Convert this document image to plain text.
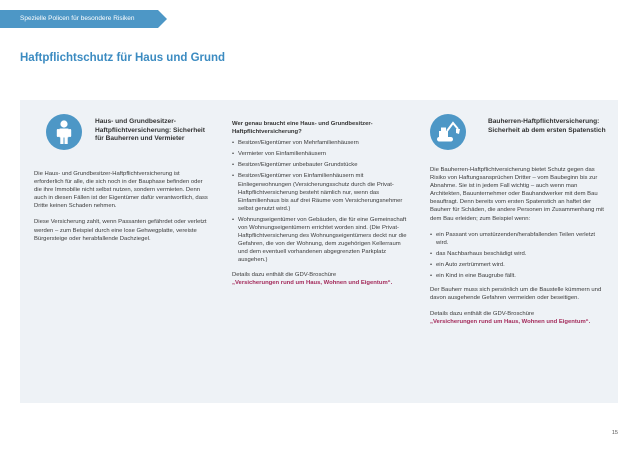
Spezielle Policen für besondere Risiken
Haftpflichtschutz für Haus und Grund
Haus- und Grundbesitzer-Haftpflichtversicherung: Sicherheit für Bauherren und Vermieter

Die Haus- und Grundbesitzer-Haftpflichtversicherung ist erforderlich für alle, die sich noch in der Bauphase befinden oder die ihre Immobilie nicht selbst nutzen, sondern vermieten. Denn auch in diesen Fällen ist der Eigentümer dafür verantwortlich, dass Dritte keinen Schaden nehmen.

Diese Versicherung zahlt, wenn Passanten gefährdet oder verletzt werden – zum Beispiel durch eine lose Gehwegplatte, vereiste Bürgersteige oder herabfallende Dachziegel.

Wer genau braucht eine Haus- und Grundbesitzer-Haftpflichtversicherung?

• Besitzer/Eigentümer von Mehrfamilienhäusern
• Vermieter von Einfamilienhäusern
• Besitzer/Eigentümer unbebauter Grundstücke
• Besitzer/Eigentümer von Einfamilienhäusern mit Einliegerwohnungen (Versicherungsschutz durch die Privat-Haftpflichtversicherung besteht nämlich nur, wenn das Einfamilienhaus bis auf drei Räume vom Versicherungsnehmer selbst genutzt wird.)
• Wohnungseigentümer von Gebäuden, die für eine Gemeinschaft von Wohnungseigentümern errichtet worden sind. (Die Privat-Haftpflichtversicherung des Wohnungseigentümers deckt nur die Gefahren, die von der Wohnung, dem zugehörigen Kellerraum und dem eventuell vorhandenen abgegrenzten Parkplatz ausgehen.)

Details dazu enthält die GDV-Broschüre

„Versicherungen rund um Haus, Wohnen und Eigentum“.

Bauherren-Haftpflichtversicherung: Sicherheit ab dem ersten Spatenstich

Die Bauherren-Haftpflichtversicherung bietet Schutz gegen das Risiko von Haftungsansprüchen Dritter – vom Baubeginn bis zur Abnahme. Sie ist in jedem Fall wichtig – auch wenn man Architekten, Bauunternehmer oder Bauhandwerker mit dem Bau beauftragt. Denn bereits vom ersten Spatenstich an haftet der Bauherr für Schäden, die andere Personen im Zusammenhang mit dem Bau erleiden; zum Beispiel wenn:

• ein Passant von umstürzenden/herabfallenden Teilen verletzt wird.
• das Nachbarhaus beschädigt wird.
• ein Auto zertrümmert wird.
• ein Kind in eine Baugrube fällt.

Der Bauherr muss sich persönlich um die Baustelle kümmern und davon ausgehende Gefahren vermeiden oder beseitigen.

Details dazu enthält die GDV-Broschüre

„Versicherungen rund um Haus, Wohnen und Eigentum“.

15
